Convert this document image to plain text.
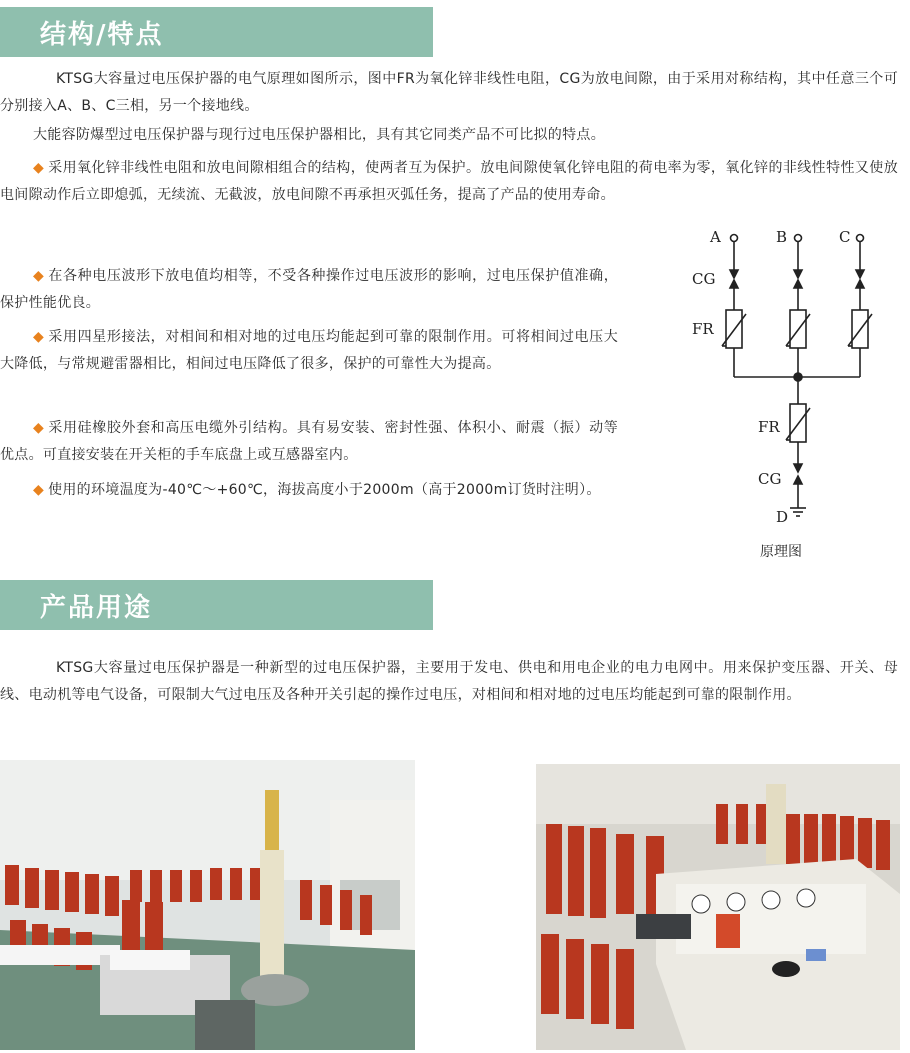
结构/特点

KTSG大容量过电压保护器的电气原理如图所示，图中FR为氧化锌非线性电阻，CG为放电间隙，由于采用对称结构，其中任意三个可分别接入A、B、C三相，另一个接地线。

大能容防爆型过电压保护器与现行过电压保护器相比，具有其它同类产品不可比拟的特点。

◆ 采用氧化锌非线性电阻和放电间隙相组合的结构，使两者互为保护。放电间隙使氧化锌电阻的荷电率为零，氧化锌的非线性特性又使放电间隙动作后立即熄弧，无续流、无截波，放电间隙不再承担灭弧任务，提高了产品的使用寿命。

◆ 在各种电压波形下放电值均相等，不受各种操作过电压波形的影响，过电压保护值准确，保护性能优良。

◆ 采用四星形接法，对相间和相对地的过电压均能起到可靠的限制作用。可将相间过电压大大降低，与常规避雷器相比，相间过电压降低了很多，保护的可靠性大为提高。

◆ 采用硅橡胶外套和高压电缆外引结构。具有易安装、密封性强、体积小、耐震（振）动等优点。可直接安装在开关柜的手车底盘上或互感器室内。

◆ 使用的环境温度为-40℃～+60℃，海拔高度小于2000m（高于2000m订货时注明）。

A	B	C
CG
FR
FR
CG
D
原理图
产品用途

KTSG大容量过电压保护器是一种新型的过电压保护器，主要用于发电、供电和用电企业的电力电网中。用来保护变压器、开关、母线、电动机等电气设备，可限制大气过电压及各种开关引起的操作过电压，对相间和相对地的过电压均能起到可靠的限制作用。
